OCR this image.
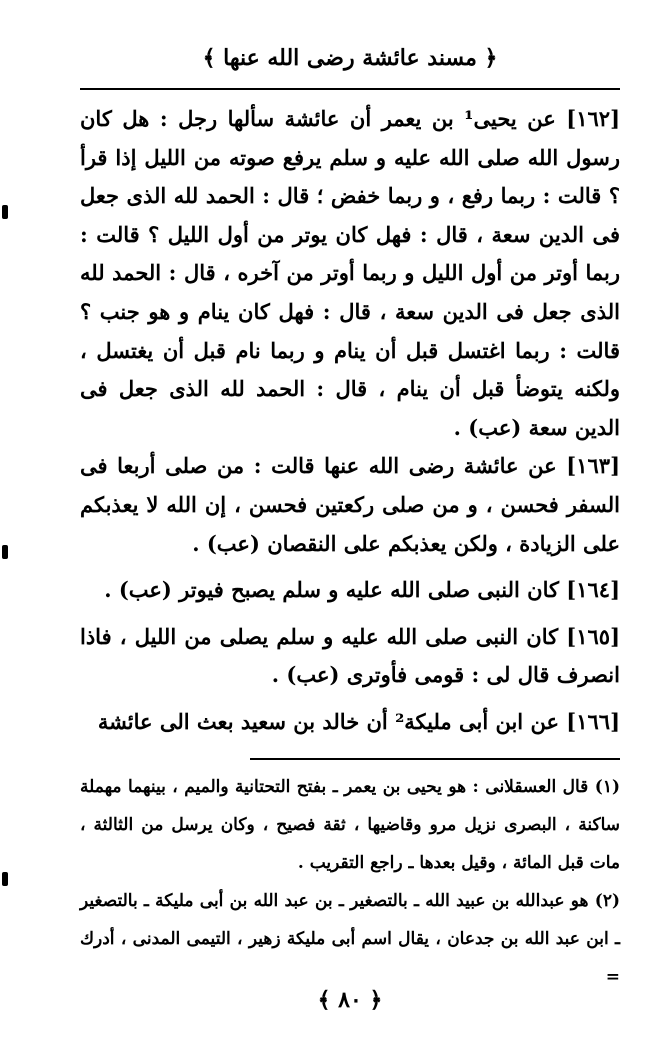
﴿ مسند عائشة رضى الله عنها ﴾

[١٦٢] عن يحيى¹ بن يعمر أن عائشة سألها رجل : هل كان رسول الله صلى الله عليه و سلم يرفع صوته من الليل إذا قرأ ؟ قالت : ربما رفع ، و ربما خفض ؛ قال : الحمد لله الذى جعل فى الدين سعة ، قال : فهل كان يوتر من أول الليل ؟ قالت : ربما أوتر من أول الليل و ربما أوتر من آخره ، قال : الحمد لله الذى جعل فى الدين سعة ، قال : فهل كان ينام و هو جنب ؟ قالت : ربما اغتسل قبل أن ينام و ربما نام قبل أن يغتسل ، ولكنه يتوضأ قبل أن ينام ، قال : الحمد لله الذى جعل فى الدين سعة (عب) .

[١٦٣] عن عائشة رضى الله عنها قالت : من صلى أربعا فى السفر فحسن ، و من صلى ركعتين فحسن ، إن الله لا يعذبكم على الزيادة ، ولكن يعذبكم على النقصان (عب) .

[١٦٤] كان النبى صلى الله عليه و سلم يصبح فيوتر (عب) .

[١٦٥] كان النبى صلى الله عليه و سلم يصلى من الليل ، فاذا انصرف قال لى : قومى فأوترى (عب) .

[١٦٦] عن ابن أبى مليكة² أن خالد بن سعيد بعث الى عائشة

(١) قال العسقلانى : هو يحيى بن يعمر ـ بفتح التحتانية والميم ، بينهما مهملة ساكنة ، البصرى نزيل مرو وقاضيها ، ثقة فصيح ، وكان يرسل من الثالثة ، مات قبل المائة ، وقيل بعدها ـ راجع التقريب .

(٢) هو عبدالله بن عبيد الله ـ بالتصغير ـ بن عبد الله بن أبى مليكة ـ بالتصغير ـ ابن عبد الله بن جدعان ، يقال اسم أبى مليكة زهير ، التيمى المدنى ، أدرك =

﴿ ٨٠ ﴾
